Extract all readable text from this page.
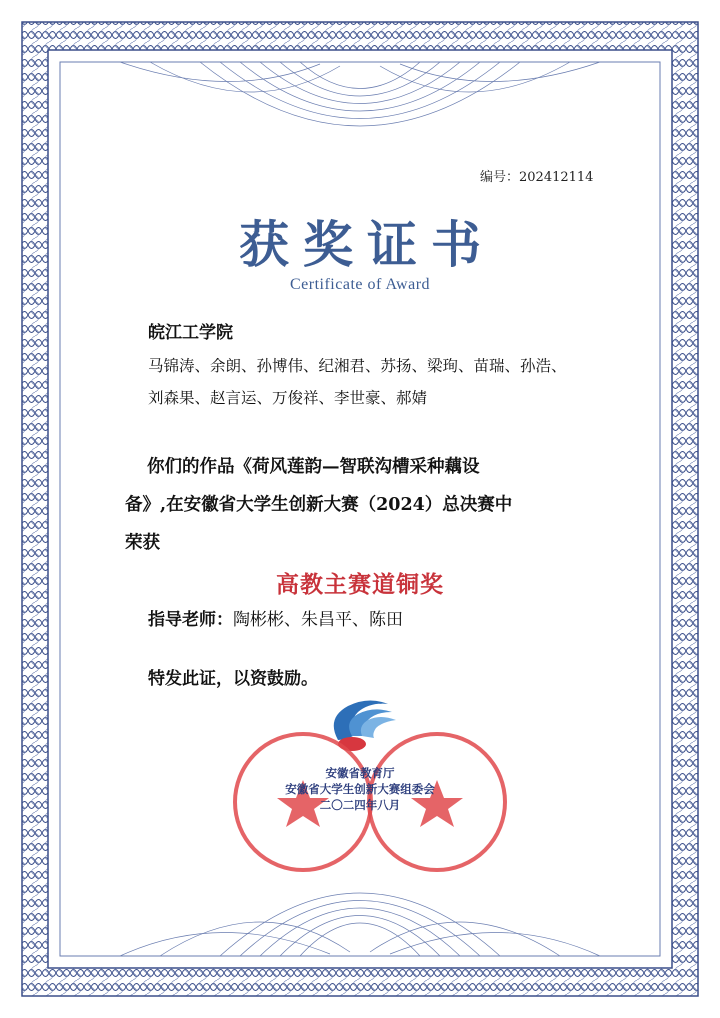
编号：202412114
获奖证书
Certificate of Award
皖江工学院
马锦涛、余朗、孙博伟、纪湘君、苏扬、梁珣、苗瑞、孙浩、
刘森果、赵言运、万俊祥、李世豪、郝婧
你们的作品《荷风莲韵—智联沟槽采种藕设
备》,在安徽省大学生创新大赛（2024）总决赛中
荣获
高教主赛道铜奖
指导老师：陶彬彬、朱昌平、陈田
特发此证，以资鼓励。
安徽省教育厅
安徽省大学生创新大赛组委会
二〇二四年八月
